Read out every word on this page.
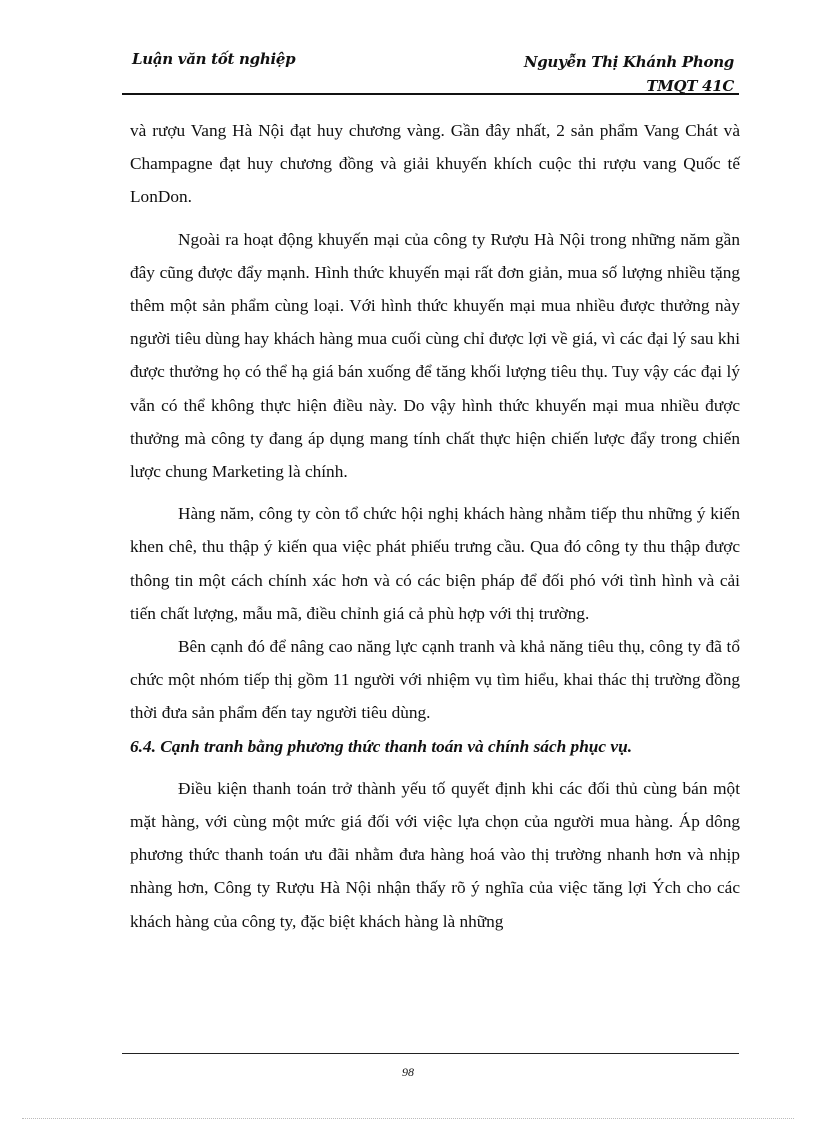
Luận văn tốt nghiệp	Nguyễn Thị Khánh Phong
TMQT 41C

và rượu Vang Hà Nội đạt huy chương vàng. Gần đây nhất, 2 sản phẩm Vang Chát và Champagne đạt huy chương đồng và giải khuyến khích cuộc thi rượu vang Quốc tế LonDon.

Ngoài ra hoạt động khuyến mại của công ty Rượu Hà Nội trong những năm gần đây cũng được đẩy mạnh. Hình thức khuyến mại rất đơn giản, mua số lượng nhiều tặng thêm một sản phẩm cùng loại. Với hình thức khuyến mại mua nhiều được thưởng này người tiêu dùng hay khách hàng mua cuối cùng chỉ được lợi về giá, vì các đại lý sau khi được thưởng họ có thể hạ giá bán xuống để tăng khối lượng tiêu thụ. Tuy vậy các đại lý vẫn có thể không thực hiện điều này. Do vậy hình thức khuyến mại mua nhiều được thưởng mà công ty đang áp dụng mang tính chất thực hiện chiến lược đẩy trong chiến lược chung Marketing là chính.

Hàng năm, công ty còn tổ chức hội nghị khách hàng nhằm tiếp thu những ý kiến khen chê, thu thập ý kiến qua việc phát phiếu trưng cầu. Qua đó công ty thu thập được thông tin một cách chính xác hơn và có các biện pháp để đối phó với tình hình và cải tiến chất lượng, mẫu mã, điều chỉnh giá cả phù hợp với thị trường.

Bên cạnh đó để nâng cao năng lực cạnh tranh và khả năng tiêu thụ, công ty đã tổ chức một nhóm tiếp thị gồm 11 người với nhiệm vụ tìm hiểu, khai thác thị trường đồng thời đưa sản phẩm đến tay người tiêu dùng.

6.4. Cạnh tranh bằng phương thức thanh toán và chính sách phục vụ.

Điều kiện thanh toán trở thành yếu tố quyết định khi các đối thủ cùng bán một mặt hàng, với cùng một mức giá đối với việc lựa chọn của người mua hàng. Áp dông phương thức thanh toán ưu đãi nhằm đưa hàng hoá vào thị trường nhanh hơn và nhịp nhàng hơn, Công ty Rượu Hà Nội nhận thấy rõ ý nghĩa của việc tăng lợi Ých cho các khách hàng của công ty, đặc biệt khách hàng là những

98
